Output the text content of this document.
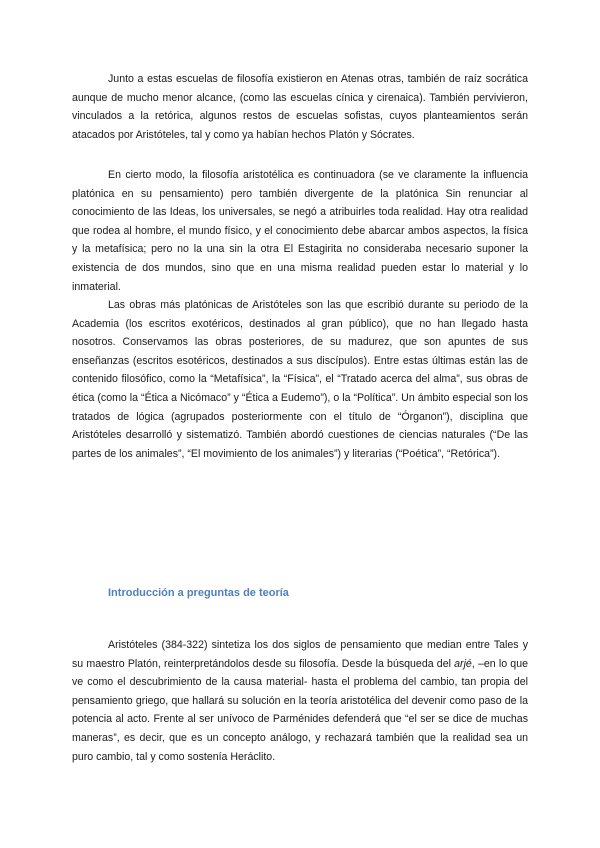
Junto a estas escuelas de filosofía existieron en Atenas otras, también de raíz socrática aunque de mucho menor alcance, (como las escuelas cínica y cirenaica). También pervivieron, vinculados a la retórica, algunos restos de escuelas sofistas, cuyos planteamientos serán atacados por Aristóteles, tal y como ya habían hechos Platón y Sócrates.

En cierto modo, la filosofía aristotélica es continuadora (se ve claramente la influencia platónica en su pensamiento) pero también divergente de la platónica Sin renunciar al conocimiento de las Ideas, los universales, se negó a atribuirles toda realidad. Hay otra realidad que rodea al hombre, el mundo físico, y el conocimiento debe abarcar ambos aspectos, la física y la metafísica; pero no la una sin la otra El Estagirita no consideraba necesario suponer la existencia de dos mundos, sino que en una misma realidad pueden estar lo material y lo inmaterial.

Las obras más platónicas de Aristóteles son las que escribió durante su periodo de la Academia (los escritos exotéricos, destinados al gran público), que no han llegado hasta nosotros. Conservamos las obras posteriores, de su madurez, que son apuntes de sus enseñanzas (escritos esotéricos, destinados a sus discípulos). Entre estas últimas están las de contenido filosófico, como la “Metafísica”, la “Física”, el “Tratado acerca del alma”, sus obras de ética (como la “Ética a Nicómaco” y “Ética a Eudemo”), o la “Política”. Un ámbito especial son los tratados de lógica (agrupados posteriormente con el título de “Órganon”), disciplina que Aristóteles desarrolló y sistematizó. También abordó cuestiones de ciencias naturales (“De las partes de los animales”, “El movimiento de los animales”) y literarias (“Poética”, “Retórica”).

Introducción a preguntas de teoría

Aristóteles (384-322) sintetiza los dos siglos de pensamiento que median entre Tales y su maestro Platón, reinterpretándolos desde su filosofía. Desde la búsqueda del arjé, –en lo que ve como el descubrimiento de la causa material- hasta el problema del cambio, tan propia del pensamiento griego, que hallará su solución en la teoría aristotélica del devenir como paso de la potencia al acto. Frente al ser unívoco de Parménides defenderá que “el ser se dice de muchas maneras”, es decir, que es un concepto análogo, y rechazará también que la realidad sea un puro cambio, tal y como sostenía Heráclito.
